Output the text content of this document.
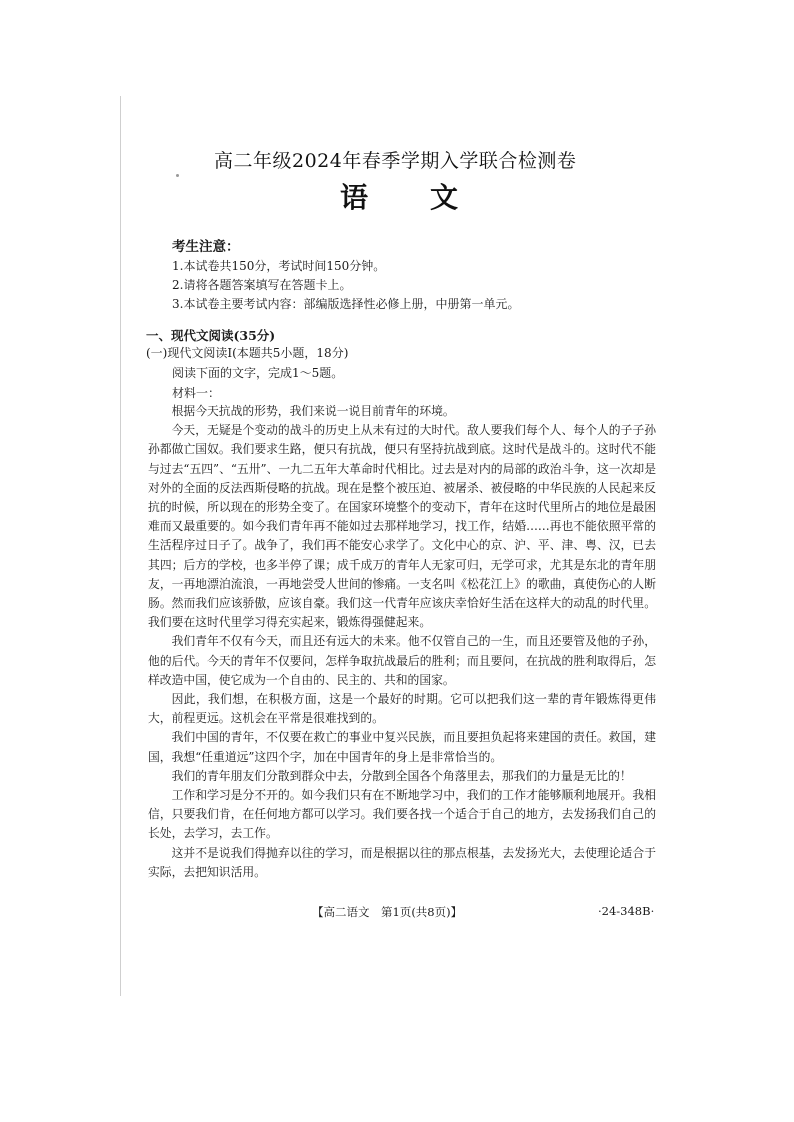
高二年级2024年春季学期入学联合检测卷
语文
考生注意：
1.本试卷共150分，考试时间150分钟。
2.请将各题答案填写在答题卡上。
3.本试卷主要考试内容：部编版选择性必修上册，中册第一单元。
一、现代文阅读(35分)
(一)现代文阅读Ⅰ(本题共5小题，18分)
阅读下面的文字，完成1～5题。
材料一：

根据今天抗战的形势，我们来说一说目前青年的环境。

今天，无疑是个变动的战斗的历史上从未有过的大时代。敌人要我们每个人、每个人的子子孙孙都做亡国奴。我们要求生路，便只有抗战，便只有坚持抗战到底。这时代是战斗的。这时代不能与过去“五四”、“五卅”、一九二五年大革命时代相比。过去是对内的局部的政治斗争，这一次却是对外的全面的反法西斯侵略的抗战。现在是整个被压迫、被屠杀、被侵略的中华民族的人民起来反抗的时候，所以现在的形势全变了。在国家环境整个的变动下，青年在这时代里所占的地位是最困难而又最重要的。如今我们青年再不能如过去那样地学习，找工作，结婚……再也不能依照平常的生活程序过日子了。战争了，我们再不能安心求学了。文化中心的京、沪、平、津、粤、汉，已去其四；后方的学校，也多半停了课；成千成万的青年人无家可归，无学可求，尤其是东北的青年朋友，一再地漂泊流浪，一再地尝受人世间的惨痛。一支名叫《松花江上》的歌曲，真使伤心的人断肠。然而我们应该骄傲，应该自豪。我们这一代青年应该庆幸恰好生活在这样大的动乱的时代里。我们要在这时代里学习得充实起来，锻炼得强健起来。

我们青年不仅有今天，而且还有远大的未来。他不仅管自己的一生，而且还要管及他的子孙，他的后代。今天的青年不仅要问，怎样争取抗战最后的胜利；而且要问，在抗战的胜利取得后，怎样改造中国，使它成为一个自由的、民主的、共和的国家。

因此，我们想，在积极方面，这是一个最好的时期。它可以把我们这一辈的青年锻炼得更伟大，前程更远。这机会在平常是很难找到的。

我们中国的青年，不仅要在救亡的事业中复兴民族，而且要担负起将来建国的责任。救国，建国，我想“任重道远”这四个字，加在中国青年的身上是非常恰当的。

我们的青年朋友们分散到群众中去，分散到全国各个角落里去，那我们的力量是无比的！

工作和学习是分不开的。如今我们只有在不断地学习中，我们的工作才能够顺利地展开。我相信，只要我们肯，在任何地方都可以学习。我们要各找一个适合于自己的地方，去发扬我们自己的长处，去学习，去工作。

这并不是说我们得抛弃以往的学习，而是根据以往的那点根基，去发扬光大，去使理论适合于实际，去把知识活用。

【高二语文　第1页(共8页)】	·24-348B·
